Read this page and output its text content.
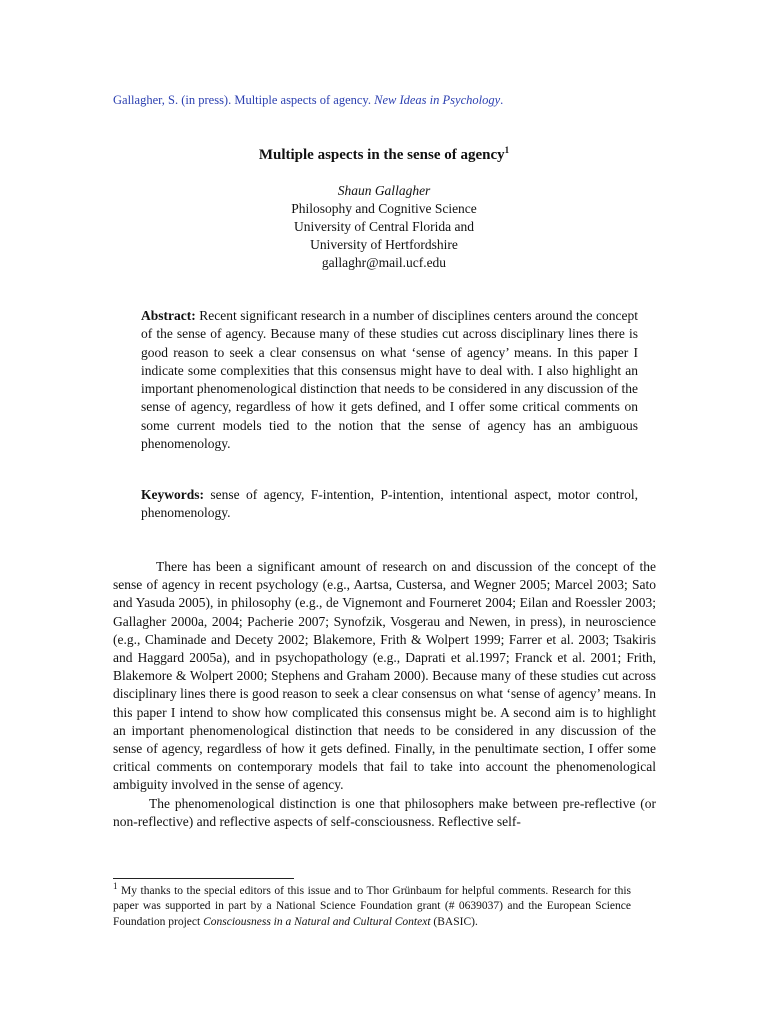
Gallagher, S. (in press). Multiple aspects of agency. New Ideas in Psychology.
Multiple aspects in the sense of agency$^1$
Shaun Gallagher
Philosophy and Cognitive Science
University of Central Florida and
University of Hertfordshire
gallaghr@mail.ucf.edu
Abstract: Recent significant research in a number of disciplines centers around the concept of the sense of agency. Because many of these studies cut across disciplinary lines there is good reason to seek a clear consensus on what ‘sense of agency’ means. In this paper I indicate some complexities that this consensus might have to deal with. I also highlight an important phenomenological distinction that needs to be considered in any discussion of the sense of agency, regardless of how it gets defined, and I offer some critical comments on some current models tied to the notion that the sense of agency has an ambiguous phenomenology.
Keywords: sense of agency, F-intention, P-intention, intentional aspect, motor control, phenomenology.

There has been a significant amount of research on and discussion of the concept of the sense of agency in recent psychology (e.g., Aartsa, Custersa, and Wegner 2005; Marcel 2003; Sato and Yasuda 2005), in philosophy (e.g., de Vignemont and Fourneret 2004; Eilan and Roessler 2003; Gallagher 2000a, 2004; Pacherie 2007; Synofzik, Vosgerau and Newen, in press), in neuroscience (e.g., Chaminade and Decety 2002; Blakemore, Frith & Wolpert 1999; Farrer et al. 2003; Tsakiris and Haggard 2005a), and in psychopathology (e.g., Daprati et al.1997; Franck et al. 2001; Frith, Blakemore & Wolpert 2000; Stephens and Graham 2000). Because many of these studies cut across disciplinary lines there is good reason to seek a clear consensus on what ‘sense of agency’ means. In this paper I intend to show how complicated this consensus might be. A second aim is to highlight an important phenomenological distinction that needs to be considered in any discussion of the sense of agency, regardless of how it gets defined. Finally, in the penultimate section, I offer some critical comments on contemporary models that fail to take into account the phenomenological ambiguity involved in the sense of agency.

The phenomenological distinction is one that philosophers make between pre-reflective (or non-reflective) and reflective aspects of self-consciousness. Reflective self-

$^1$ My thanks to the special editors of this issue and to Thor Grünbaum for helpful comments. Research for this paper was supported in part by a National Science Foundation grant (# 0639037) and the European Science Foundation project Consciousness in a Natural and Cultural Context (BASIC).
